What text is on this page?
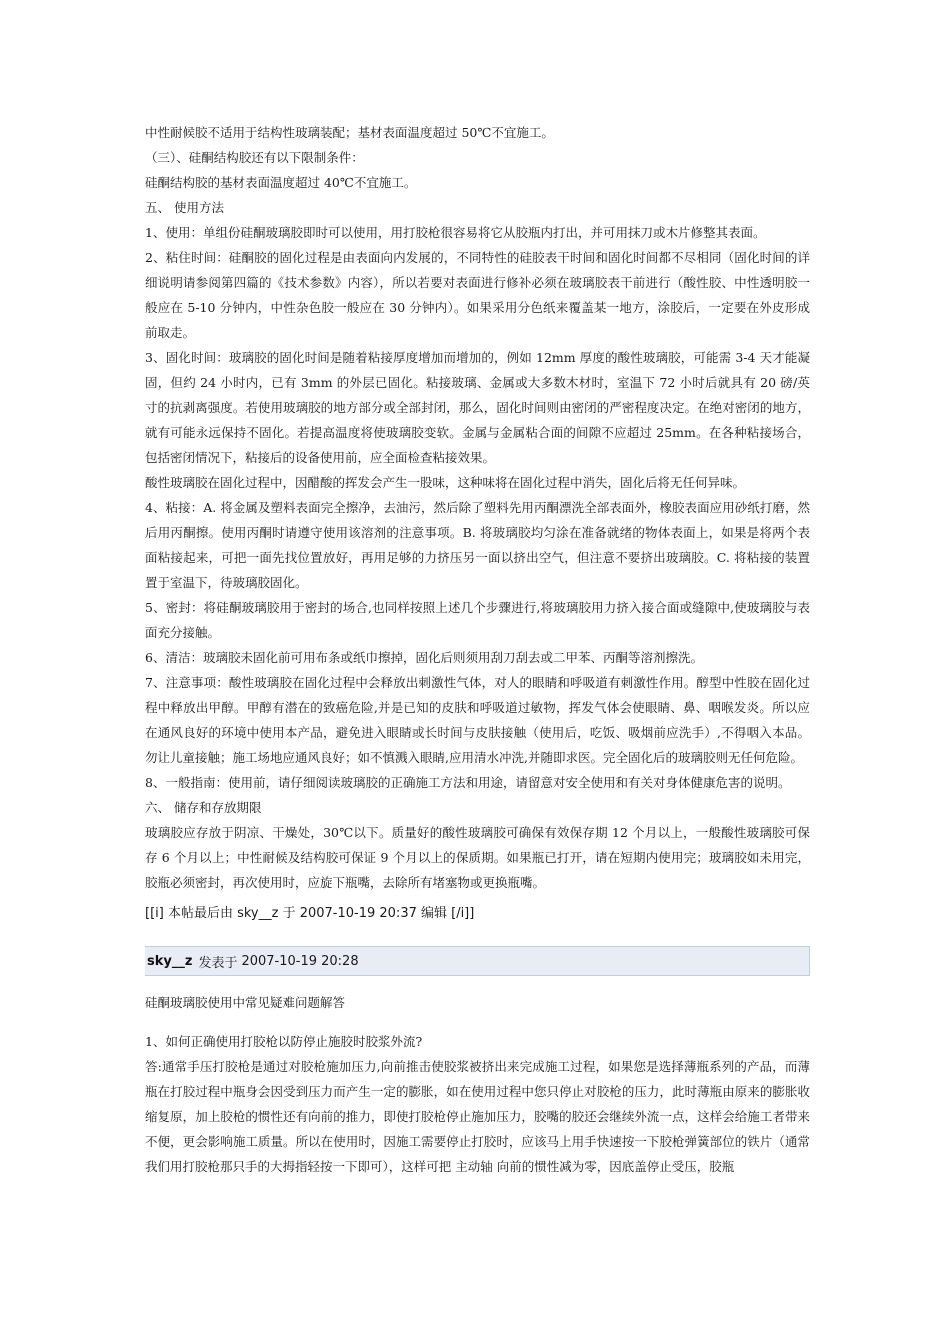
中性耐候胶不适用于结构性玻璃装配；基材表面温度超过 50℃不宜施工。

（三）、硅酮结构胶还有以下限制条件：

硅酮结构胶的基材表面温度超过 40℃不宜施工。

五、 使用方法

1、使用：单组份硅酮玻璃胶即时可以使用，用打胶枪很容易将它从胶瓶内打出，并可用抹刀或木片修整其表面。

2、粘住时间：硅酮胶的固化过程是由表面向内发展的，不同特性的硅胶表干时间和固化时间都不尽相同（固化时间的详细说明请参阅第四篇的《技术参数》内容），所以若要对表面进行修补必须在玻璃胶表干前进行（酸性胶、中性透明胶一般应在 5-10 分钟内，中性杂色胶一般应在 30 分钟内）。如果采用分色纸来覆盖某一地方，涂胶后，一定要在外皮形成前取走。

3、固化时间：玻璃胶的固化时间是随着粘接厚度增加而增加的，例如 12mm 厚度的酸性玻璃胶，可能需 3-4 天才能凝固，但约 24 小时内，已有 3mm 的外层已固化。粘接玻璃、金属或大多数木材时，室温下 72 小时后就具有 20 磅/英寸的抗剥离强度。若使用玻璃胶的地方部分或全部封闭，那么，固化时间则由密闭的严密程度决定。在绝对密闭的地方，就有可能永远保持不固化。若提高温度将使玻璃胶变软。金属与金属粘合面的间隙不应超过 25mm。在各种粘接场合，包括密闭情况下，粘接后的设备使用前，应全面检查粘接效果。

酸性玻璃胶在固化过程中，因醋酸的挥发会产生一股味，这种味将在固化过程中消失，固化后将无任何异味。

4、粘接：A. 将金属及塑料表面完全擦净，去油污，然后除了塑料先用丙酮漂洗全部表面外，橡胶表面应用砂纸打磨，然后用丙酮擦。使用丙酮时请遵守使用该溶剂的注意事项。B. 将玻璃胶均匀涂在准备就绪的物体表面上，如果是将两个表面粘接起来，可把一面先找位置放好，再用足够的力挤压另一面以挤出空气，但注意不要挤出玻璃胶。C. 将粘接的装置置于室温下，待玻璃胶固化。

5、密封：将硅酮玻璃胶用于密封的场合,也同样按照上述几个步骤进行,将玻璃胶用力挤入接合面或缝隙中,使玻璃胶与表面充分接触。

6、清洁：玻璃胶未固化前可用布条或纸巾擦掉，固化后则须用刮刀刮去或二甲苯、丙酮等溶剂擦洗。

7、注意事项：酸性玻璃胶在固化过程中会释放出刺激性气体，对人的眼睛和呼吸道有刺激性作用。醇型中性胶在固化过程中释放出甲醇。甲醇有潜在的致癌危险,并是已知的皮肤和呼吸道过敏物，挥发气体会使眼睛、鼻、咽喉发炎。所以应在通风良好的环境中使用本产品，避免进入眼睛或长时间与皮肤接触（使用后，吃饭、吸烟前应洗手）,不得咽入本品。勿让儿童接触；施工场地应通风良好；如不慎溅入眼睛,应用清水冲洗,并随即求医。完全固化后的玻璃胶则无任何危险。

8、一般指南：使用前，请仔细阅读玻璃胶的正确施工方法和用途，请留意对安全使用和有关对身体健康危害的说明。

六、 储存和存放期限

玻璃胶应存放于阴凉、干燥处，30℃以下。质量好的酸性玻璃胶可确保有效保存期 12 个月以上，一般酸性玻璃胶可保存 6 个月以上；中性耐候及结构胶可保证 9 个月以上的保质期。如果瓶已打开，请在短期内使用完；玻璃胶如未用完，胶瓶必须密封，再次使用时，应旋下瓶嘴，去除所有堵塞物或更换瓶嘴。

[[i] 本帖最后由 sky__z 于 2007-10-19 20:37 编辑 [/i]]

sky__z 发表于 2007-10-19 20:28

硅酮玻璃胶使用中常见疑难问题解答

1、如何正确使用打胶枪以防停止施胶时胶浆外流?

答:通常手压打胶枪是通过对胶枪施加压力,向前推击使胶浆被挤出来完成施工过程，如果您是选择薄瓶系列的产品，而薄瓶在打胶过程中瓶身会因受到压力而产生一定的膨胀，如在使用过程中您只停止对胶枪的压力，此时薄瓶由原来的膨胀收缩复原，加上胶枪的惯性还有向前的推力，即使打胶枪停止施加压力，胶嘴的胶还会继续外流一点，这样会给施工者带来不便，更会影响施工质量。所以在使用时，因施工需要停止打胶时，应该马上用手快速按一下胶枪弹簧部位的铁片（通常我们用打胶枪那只手的大拇指轻按一下即可），这样可把 主动轴 向前的惯性减为零，因底盖停止受压，胶瓶
